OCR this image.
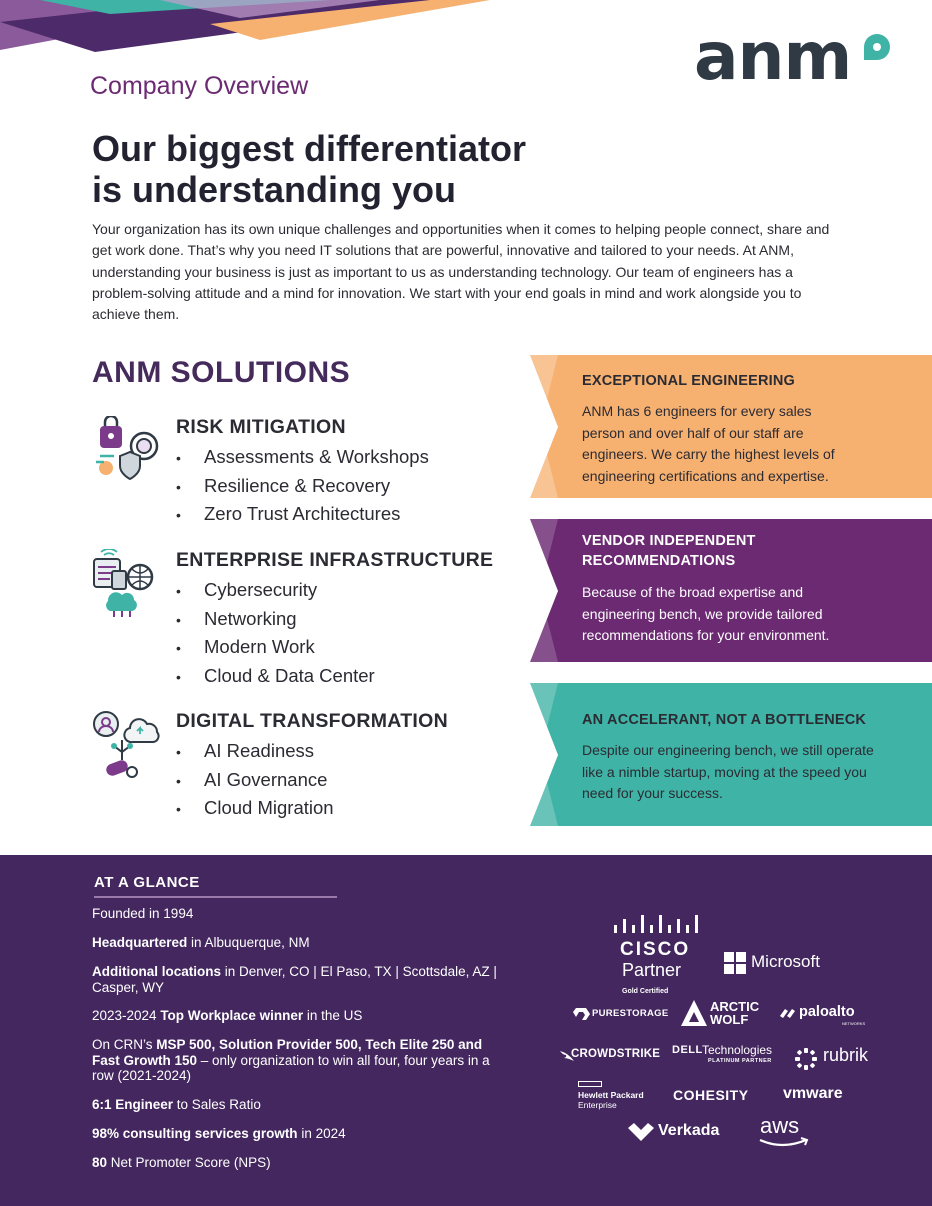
anm
Company Overview
Our biggest differentiator
is understanding you

Your organization has its own unique challenges and opportunities when it comes to helping people connect, share and get work done. That’s why you need IT solutions that are powerful, innovative and tailored to your needs. At ANM, understanding your business is just as important to us as understanding technology. Our team of engineers has a problem-solving attitude and a mind for innovation. We start with your end goals in mind and work alongside you to achieve them.

ANM SOLUTIONS
RISK MITIGATION
• Assessments & Workshops
• Resilience & Recovery
• Zero Trust Architectures
ENTERPRISE INFRASTRUCTURE
• Cybersecurity
• Networking
• Modern Work
• Cloud & Data Center
DIGITAL TRANSFORMATION
• AI Readiness
• AI Governance
• Cloud Migration
EXCEPTIONAL ENGINEERING
ANM has 6 engineers for every sales person and over half of our staff are engineers. We carry the highest levels of engineering certifications and expertise.
VENDOR INDEPENDENT RECOMMENDATIONS
Because of the broad expertise and engineering bench, we provide tailored recommendations for your environment.
AN ACCELERANT, NOT A BOTTLENECK
Despite our engineering bench, we still operate like a nimble startup, moving at the speed you need for your success.
AT A GLANCE
Founded in 1994
Headquartered in Albuquerque, NM
Additional locations in Denver, CO | El Paso, TX | Scottsdale, AZ | Casper, WY
2023-2024 Top Workplace winner in the US
On CRN’s MSP 500, Solution Provider 500, Tech Elite 250 and Fast Growth 150 – only organization to win all four, four years in a row (2021-2024)
6:1 Engineer to Sales Ratio
98% consulting services growth in 2024
80 Net Promoter Score (NPS)
CISCO
Partner
Gold Certified
Microsoft
PURESTORAGE	ARCTIC
WOLF	paloalto
NETWORKS
CROWDSTRIKE DELL Technologies
PLATINUM PARTNER	rubrik
Hewlett Packard
Enterprise
COHESITY vmware
Verkada aws
